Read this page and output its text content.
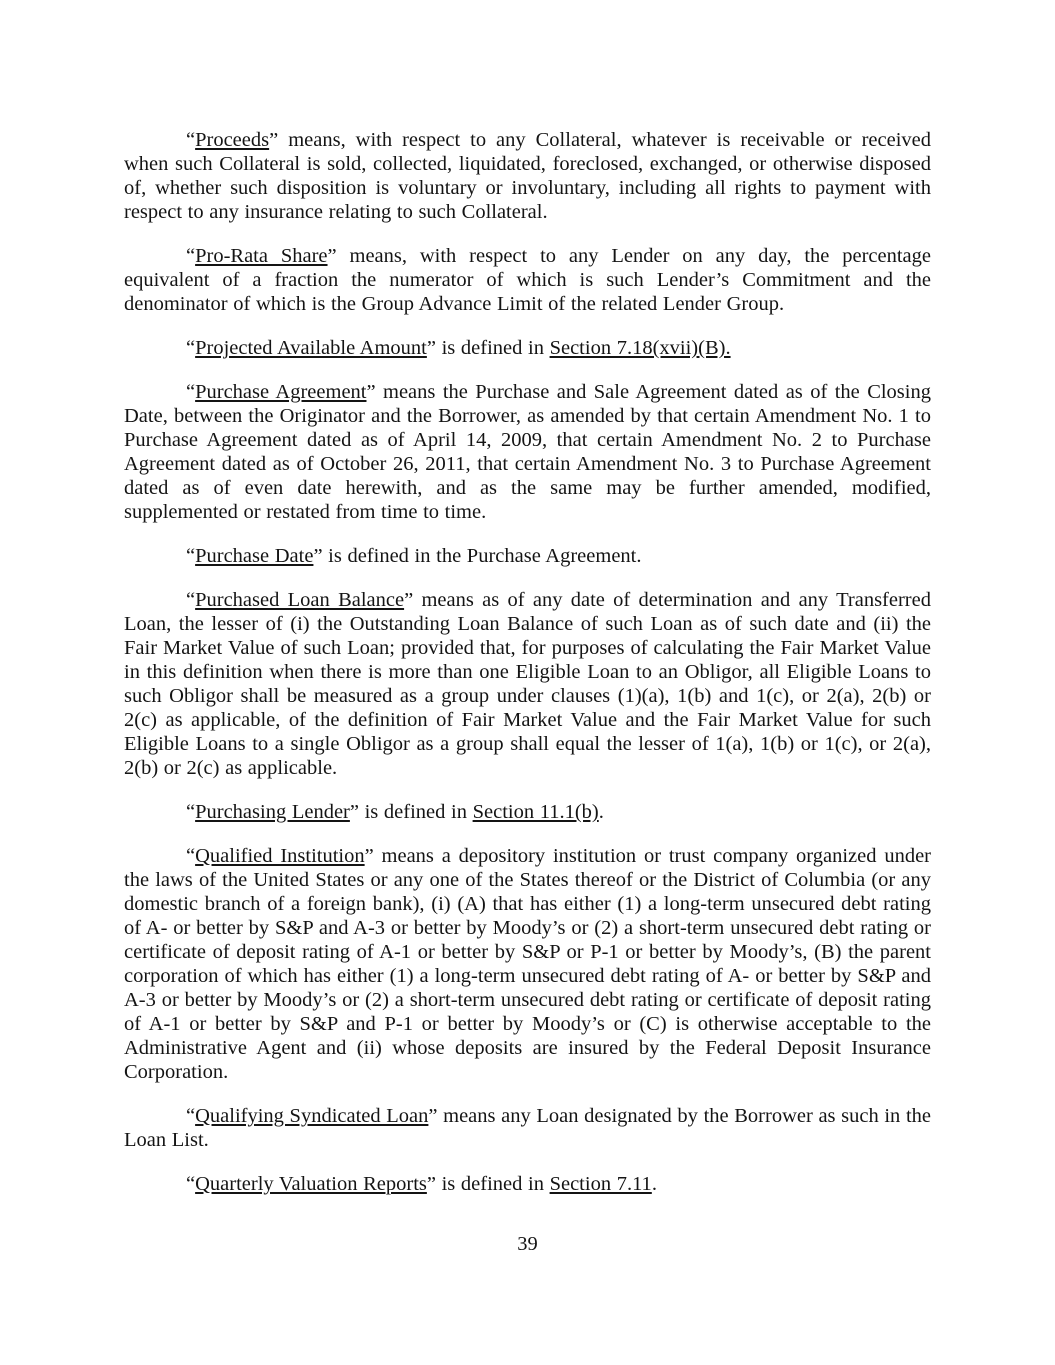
“Proceeds” means, with respect to any Collateral, whatever is receivable or received when such Collateral is sold, collected, liquidated, foreclosed, exchanged, or otherwise disposed of, whether such disposition is voluntary or involuntary, including all rights to payment with respect to any insurance relating to such Collateral.

“Pro-Rata Share” means, with respect to any Lender on any day, the percentage equivalent of a fraction the numerator of which is such Lender’s Commitment and the denominator of which is the Group Advance Limit of the related Lender Group.

“Projected Available Amount” is defined in Section 7.18(xvii)(B).

“Purchase Agreement” means the Purchase and Sale Agreement dated as of the Closing Date, between the Originator and the Borrower, as amended by that certain Amendment No. 1 to Purchase Agreement dated as of April 14, 2009, that certain Amendment No. 2 to Purchase Agreement dated as of October 26, 2011, that certain Amendment No. 3 to Purchase Agreement dated as of even date herewith, and as the same may be further amended, modified, supplemented or restated from time to time.

“Purchase Date” is defined in the Purchase Agreement.

“Purchased Loan Balance” means as of any date of determination and any Transferred Loan, the lesser of (i) the Outstanding Loan Balance of such Loan as of such date and (ii) the Fair Market Value of such Loan; provided that, for purposes of calculating the Fair Market Value in this definition when there is more than one Eligible Loan to an Obligor, all Eligible Loans to such Obligor shall be measured as a group under clauses (1)(a), 1(b) and 1(c), or 2(a), 2(b) or 2(c) as applicable, of the definition of Fair Market Value and the Fair Market Value for such Eligible Loans to a single Obligor as a group shall equal the lesser of 1(a), 1(b) or 1(c), or 2(a), 2(b) or 2(c) as applicable.

“Purchasing Lender” is defined in Section 11.1(b).

“Qualified Institution” means a depository institution or trust company organized under the laws of the United States or any one of the States thereof or the District of Columbia (or any domestic branch of a foreign bank), (i) (A) that has either (1) a long-term unsecured debt rating of A- or better by S&P and A-3 or better by Moody’s or (2) a short-term unsecured debt rating or certificate of deposit rating of A-1 or better by S&P or P-1 or better by Moody’s, (B) the parent corporation of which has either (1) a long-term unsecured debt rating of A- or better by S&P and A-3 or better by Moody’s or (2) a short-term unsecured debt rating or certificate of deposit rating of A-1 or better by S&P and P-1 or better by Moody’s or (C) is otherwise acceptable to the Administrative Agent and (ii) whose deposits are insured by the Federal Deposit Insurance Corporation.

“Qualifying Syndicated Loan” means any Loan designated by the Borrower as such in the Loan List.

“Quarterly Valuation Reports” is defined in Section 7.11.

39
